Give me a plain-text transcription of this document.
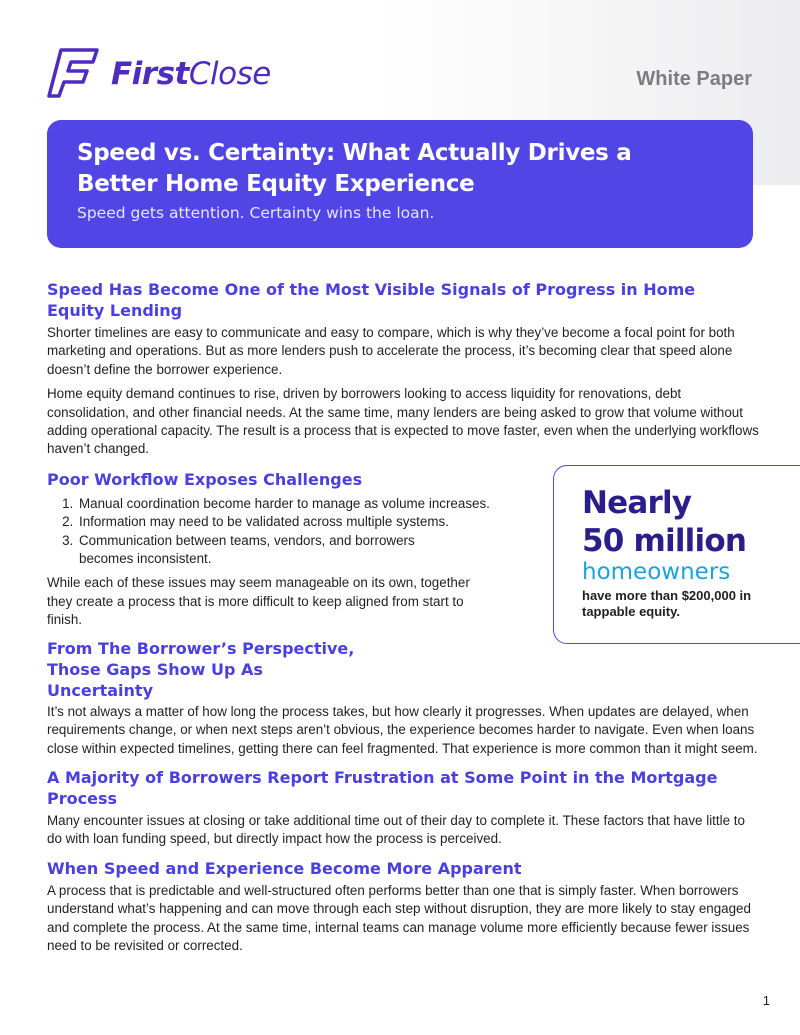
FirstClose	White Paper
Speed vs. Certainty: What Actually Drives a Better Home Equity Experience

Speed gets attention. Certainty wins the loan.

Speed Has Become One of the Most Visible Signals of Progress in Home Equity Lending

Shorter timelines are easy to communicate and easy to compare, which is why they’ve become a focal point for both marketing and operations. But as more lenders push to accelerate the process, it’s becoming clear that speed alone doesn’t define the borrower experience.

Home equity demand continues to rise, driven by borrowers looking to access liquidity for renovations, debt consolidation, and other financial needs. At the same time, many lenders are being asked to grow that volume without adding operational capacity. The result is a process that is expected to move faster, even when the underlying workflows haven’t changed.

Poor Workflow Exposes Challenges
1. Manual coordination become harder to manage as volume increases.
2. Information may need to be validated across multiple systems.
3. Communication between teams, vendors, and borrowers becomes inconsistent.

While each of these issues may seem manageable on its own, together they create a process that is more difficult to keep aligned from start to finish.

From The Borrower’s Perspective, Those Gaps Show Up As Uncertainty

It’s not always a matter of how long the process takes, but how clearly it progresses. When updates are delayed, when requirements change, or when next steps aren’t obvious, the experience becomes harder to navigate. Even when loans close within expected timelines, getting there can feel fragmented. That experience is more common than it might seem.

A Majority of Borrowers Report Frustration at Some Point in the Mortgage Process

Many encounter issues at closing or take additional time out of their day to complete it. These factors that have little to do with loan funding speed, but directly impact how the process is perceived.

When Speed and Experience Become More Apparent

A process that is predictable and well-structured often performs better than one that is simply faster. When borrowers understand what’s happening and can move through each step without disruption, they are more likely to stay engaged and complete the process. At the same time, internal teams can manage volume more efficiently because fewer issues need to be revisited or corrected.

Nearly
50 million
homeowners
have more than $200,000 in tappable equity.
1
